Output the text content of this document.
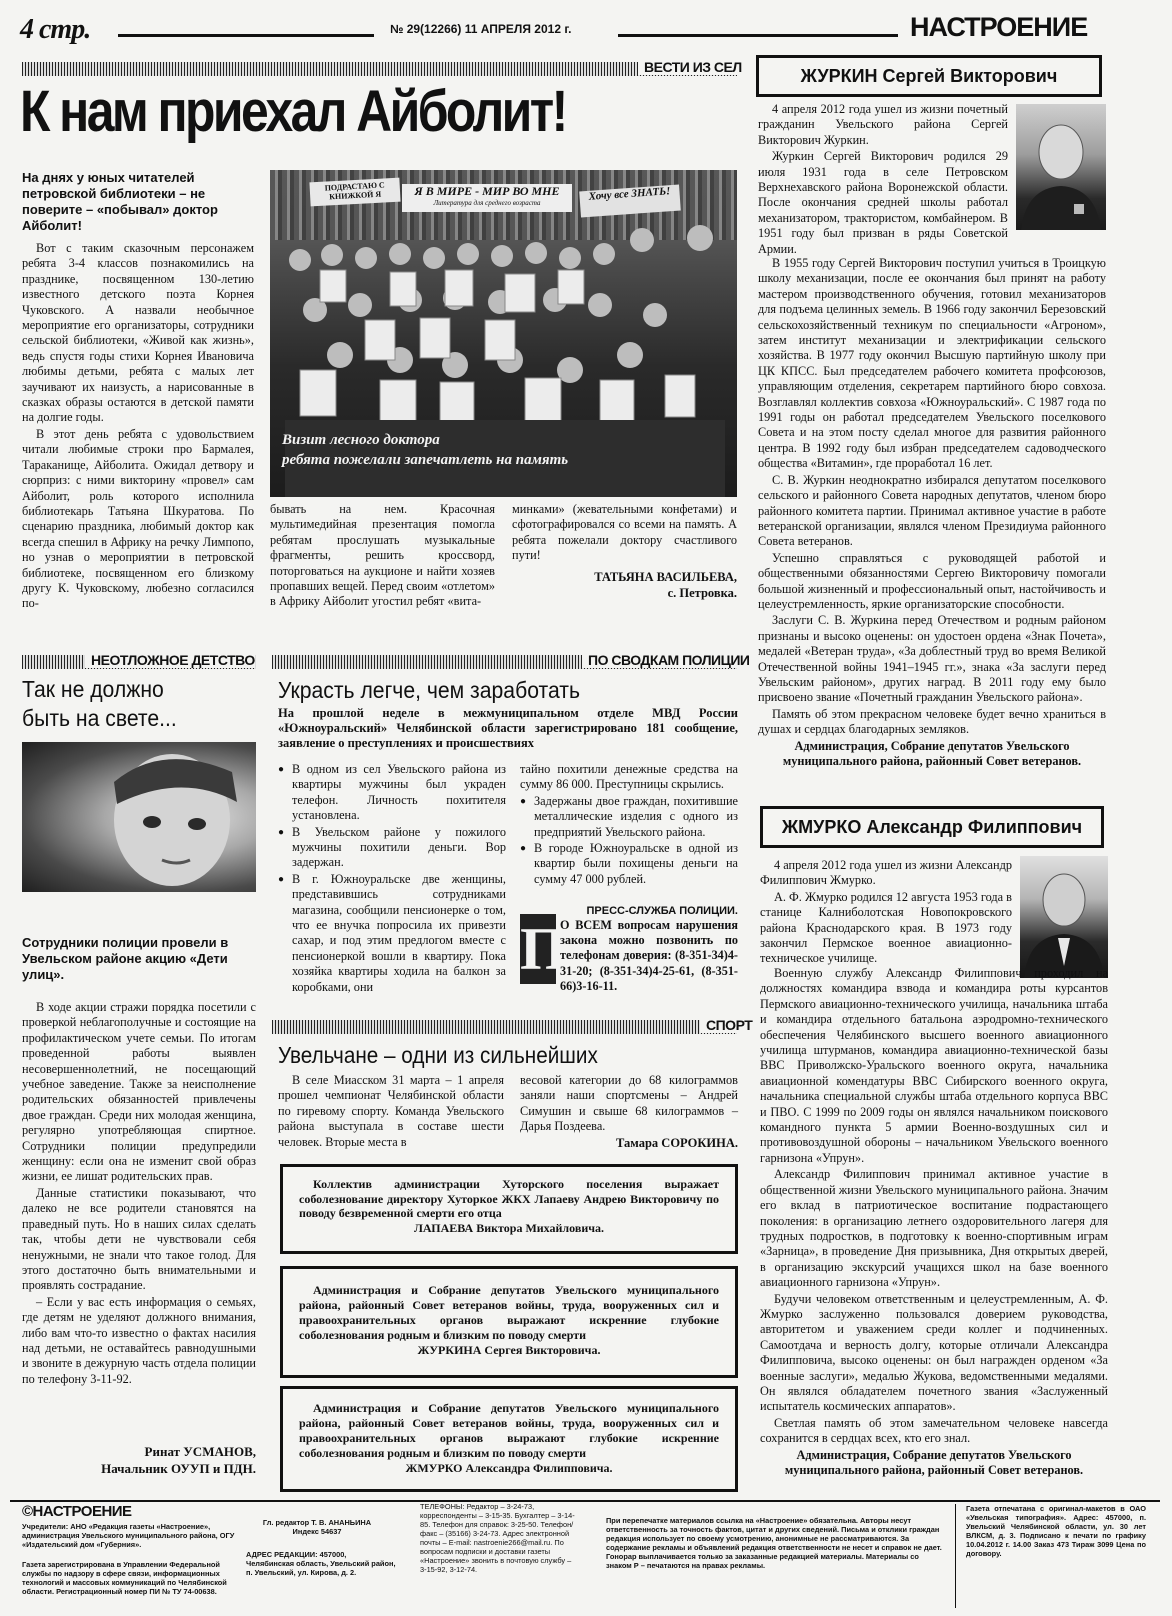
4 стр.	№ 29(12266) 11 АПРЕЛЯ 2012 г.	НАСТРОЕНИЕ
ВЕСТИ ИЗ СЕЛ
К нам приехал Айболит!
На днях у юных читателей петровской библиотеки – не поверите – «побывал» доктор Айболит!

Вот с таким сказочным персонажем ребята 3-4 классов познакомились на празднике, посвященном 130-летию известного детского поэта Корнея Чуковского. А назвали необычное мероприятие его организаторы, сотрудники сельской библиотеки, «Живой как жизнь», ведь спустя годы стихи Корнея Ивановича любимы детьми, ребята с малых лет заучивают их наизусть, а нарисованные в сказках образы остаются в детской памяти на долгие годы.

В этот день ребята с удовольствием читали любимые строки про Бармалея, Тараканище, Айболита. Ожидал детвору и сюрприз: с ними викторину «провел» сам Айболит, роль которого исполнила библиотекарь Татьяна Шкуратова. По сценарию праздника, любимый доктор как всегда спешил в Африку на речку Лимпопо, но узнав о мероприятии в петровской библиотеке, посвященном его близкому другу К. Чуковскому, любезно согласился по-

ПОДРАСТАЮ С КНИЖКОЙ Я	Я В МИРЕ - МИР ВО МНЕ
Литература для среднего возраста
Хочу все ЗНАТЬ!
Визит лесного доктора
ребята пожелали запечатлеть на память

бывать на нем. Красочная мультимедийная презентация помогла ребятам прослушать музыкальные фрагменты, решить кроссворд, поторговаться на аукционе и найти хозяев пропавших вещей. Перед своим «отлетом» в Африку Айболит угостил ребят «вита-

минками» (жевательными конфетами) и сфотографировался со всеми на память. А ребята пожелали доктору счастливого пути!

ТАТЬЯНА ВАСИЛЬЕВА,
с. Петровка.
ЖУРКИН Сергей Викторович

4 апреля 2012 года ушел из жизни почетный гражданин Увельского района Сергей Викторович Журкин.

Журкин Сергей Викторович родился 29 июля 1931 года в селе Петровском Верхнехавского района Воронежской области. После окончания средней школы работал механизатором, трактористом, комбайнером. В 1951 году был призван в ряды Советской Армии.

В 1955 году Сергей Викторович поступил учиться в Троицкую школу механизации, после ее окончания был принят на работу мастером производственного обучения, готовил механизаторов для подъема целинных земель. В 1966 году закончил Березовский сельскохозяйственный техникум по специальности «Агроном», затем институт механизации и электрификации сельского хозяйства. В 1977 году окончил Высшую партийную школу при ЦК КПСС. Был председателем рабочего комитета профсоюзов, управляющим отделения, секретарем партийного бюро совхоза. Возглавлял коллектив совхоза «Южноуральский». С 1987 года по 1991 годы он работал председателем Увельского поселкового Совета и на этом посту сделал многое для развития районного центра. В 1992 году был избран председателем садоводческого общества «Витамин», где проработал 16 лет.

С. В. Журкин неоднократно избирался депутатом поселкового сельского и районного Совета народных депутатов, членом бюро районного комитета партии. Принимал активное участие в работе ветеранской организации, являлся членом Президиума районного Совета ветеранов.

Успешно справляться с руководящей работой и общественными обязанностями Сергею Викторовичу помогали большой жизненный и профессиональный опыт, настойчивость и целеустремленность, яркие организаторские способности.

Заслуги С. В. Журкина перед Отечеством и родным районом признаны и высоко оценены: он удостоен ордена «Знак Почета», медалей «Ветеран труда», «За доблестный труд во время Великой Отечественной войны 1941–1945 гг.», знака «За заслуги перед Увельским районом», других наград. В 2011 году ему было присвоено звание «Почетный гражданин Увельского района».

Память об этом прекрасном человеке будет вечно храниться в душах и сердцах благодарных земляков.

Администрация, Собрание депутатов Увельского муниципального района, районный Совет ветеранов.

ЖМУРКО Александр Филиппович

4 апреля 2012 года ушел из жизни Александр Филиппович Жмурко.

А. Ф. Жмурко родился 12 августа 1953 года в станице Калниболотская Новопокровского района Краснодарского края. В 1973 году закончил Пермское военное авиационно-техническое училище.

Военную службу Александр Филиппович проходил на должностях командира взвода и командира роты курсантов Пермского авиационно-технического училища, начальника штаба и командира отдельного батальона аэродромно-технического обеспечения Челябинского высшего военного авиационного училища штурманов, командира авиационно-технической базы ВВС Приволжско-Уральского военного округа, начальника авиационной комендатуры ВВС Сибирского военного округа, начальника специальной службы штаба отдельного корпуса ВВС и ПВО. С 1999 по 2009 годы он являлся начальником поискового командного пункта 5 армии Военно-воздушных сил и противовоздушной обороны – начальником Увельского военного гарнизона «Упрун».

Александр Филиппович принимал активное участие в общественной жизни Увельского муниципального района. Значим его вклад в патриотическое воспитание подрастающего поколения: в организацию летнего оздоровительного лагеря для трудных подростков, в подготовку к военно-спортивным играм «Зарница», в проведение Дня призывника, Дня открытых дверей, в организацию экскурсий учащихся школ на базе военного авиационного гарнизона «Упрун».

Будучи человеком ответственным и целеустремленным, А. Ф. Жмурко заслуженно пользовался доверием руководства, авторитетом и уважением среди коллег и подчиненных. Самоотдача и верность долгу, которые отличали Александра Филипповича, высоко оценены: он был награжден орденом «За военные заслуги», медалью Жукова, ведомственными медалями. Он являлся обладателем почетного звания «Заслуженный испытатель космических аппаратов».

Светлая память об этом замечательном человеке навсегда сохранится в сердцах всех, кто его знал.

Администрация, Собрание депутатов Увельского муниципального района, районный Совет ветеранов.

НЕОТЛОЖНОЕ ДЕТСТВО
Так не должно быть на свете...
Сотрудники полиции провели в Увельском районе акцию «Дети улиц».

В ходе акции стражи порядка посетили с проверкой неблагополучные и состоящие на профилактическом учете семьи. По итогам проведенной работы выявлен несовершеннолетний, не посещающий учебное заведение. Также за неисполнение родительских обязанностей привлечены двое граждан. Среди них молодая женщина, регулярно употребляющая спиртное. Сотрудники полиции предупредили женщину: если она не изменит свой образ жизни, ее лишат родительских прав.

Данные статистики показывают, что далеко не все родители становятся на праведный путь. Но в наших силах сделать так, чтобы дети не чувствовали себя ненужными, не знали что такое голод. Для этого достаточно быть внимательными и проявлять сострадание.

– Если у вас есть информация о семьях, где детям не уделяют должного внимания, либо вам что-то известно о фактах насилия над детьми, не оставайтесь равнодушными и звоните в дежурную часть отдела полиции по телефону 3-11-92.

Ринат УСМАНОВ,
Начальник ОУУП и ПДН.
ПО СВОДКАМ ПОЛИЦИИ
Украсть легче, чем заработать
На прошлой неделе в межмуниципальном отделе МВД России «Южноуральский» Челябинской области зарегистрировано 181 сообщение, заявление о преступлениях и происшествиях
● В одном из сел Увельского района из квартиры мужчины был украден телефон. Личность похитителя установлена.
● В Увельском районе у пожилого мужчины похитили деньги. Вор задержан.
● В г. Южноуральске две женщины, представившись сотрудниками магазина, сообщили пенсионерке о том, что ее внучка попросила их привезти сахар, и под этим предлогом вместе с пенсионеркой вошли в квартиру. Пока хозяйка квартиры ходила на балкон за коробками, они

тайно похитили денежные средства на сумму 86 000. Преступницы скрылись.

● Задержаны двое граждан, похитившие металлические изделия с одного из предприятий Увельского района.
● В городе Южноуральске в одной из квартир были похищены деньги на сумму 47 000 рублей.
ПРЕСС-СЛУЖБА ПОЛИЦИИ.
П
О ВСЕМ вопросам нарушения закона можно позвонить по телефонам доверия: (8-351-34)4-31-20; (8-351-34)4-25-61, (8-351-66)3-16-11.
СПОРТ
Увельчане – одни из сильнейших

В селе Миасском 31 марта – 1 апреля прошел чемпионат Челябинской области по гиревому спорту. Команда Увельского района выступала в составе шести человек. Вторые места в

весовой категории до 68 килограммов заняли наши спортсмены – Андрей Симушин и свыше 68 килограммов – Дарья Поздеева.

Тамара СОРОКИНА.
Коллектив администрации Хуторского поселения выражает соболезнование директору Хуторкое ЖКХ Лапаеву Андрею Викторовичу по поводу безвременной смерти его отца
ЛАПАЕВА Виктора Михайловича.
Администрация и Собрание депутатов Увельского муниципального района, районный Совет ветеранов войны, труда, вооруженных сил и правоохранительных органов выражают искренние глубокие соболезнования родным и близким по поводу смерти
ЖУРКИНА Сергея Викторовича.
Администрация и Собрание депутатов Увельского муниципального района, районный Совет ветеранов войны, труда, вооруженных сил и правоохранительных органов выражают глубокие искренние соболезнования родным и близким по поводу смерти
ЖМУРКО Александра Филипповича.
©НАСТРОЕНИЕ
Учредители: АНО «Редакция газеты «Настроение», администрация Увельского муниципального района, ОГУ «Издательский дом «Губерния».
Газета зарегистрирована в Управлении Федеральной службы по надзору в сфере связи, информационных технологий и массовых коммуникаций по Челябинской области. Регистрационный номер ПИ № ТУ 74-00638.
Гл. редактор Т. В. АНАНЬИНА Индекс 54637
АДРЕС РЕДАКЦИИ: 457000, Челябинская область, Увельский район, п. Увельский, ул. Кирова, д. 2.
ТЕЛЕФОНЫ: Редактор – 3-24-73, корреспонденты – 3-15-35. Бухгалтер – 3-14-85. Телефон для справок: 3-25-50. Телефон/факс – (35166) 3-24-73. Адрес электронной почты – E-mail: nastroenie266@mail.ru. По вопросам подписки и доставки газеты «Настроение» звонить в почтовую службу – 3-15-92, 3-12-74.
При перепечатке материалов ссылка на «Настроение» обязательна. Авторы несут ответственность за точность фактов, цитат и других сведений. Письма и отклики граждан редакция использует по своему усмотрению, анонимные не рассматриваются. За содержание рекламы и объявлений редакция ответственности не несет и справок не дает. Гонорар выплачивается только за заказанные редакцией материалы. Материалы со знаком Р – печатаются на правах рекламы.
Газета отпечатана с оригинал-макетов в ОАО «Увельская типография». Адрес: 457000, п. Увельский Челябинской области, ул. 30 лет ВЛКСМ, д. 3. Подписано к печати по графику 10.04.2012 г. 14.00 Заказ 473 Тираж 3099 Цена по договору.
